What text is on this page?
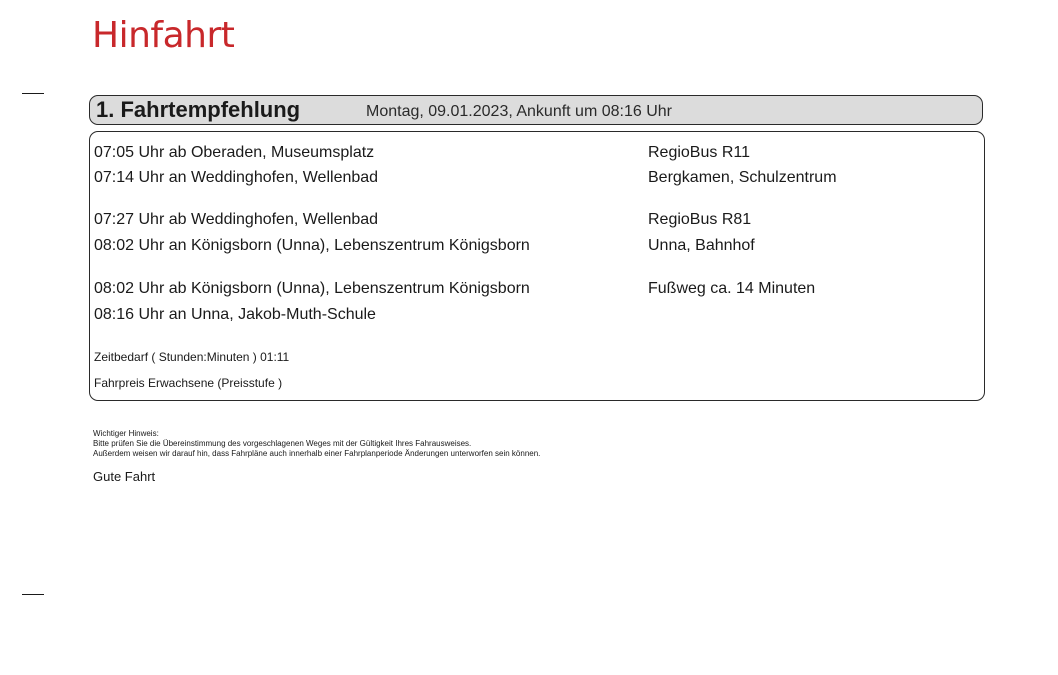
Hinfahrt
1. Fahrtempfehlung	Montag, 09.01.2023, Ankunft um 08:16 Uhr
07:05 Uhr ab Oberaden, Museumsplatz	RegioBus R11
07:14 Uhr an Weddinghofen, Wellenbad	Bergkamen, Schulzentrum
07:27 Uhr ab Weddinghofen, Wellenbad	RegioBus R81
08:02 Uhr an Königsborn (Unna), Lebenszentrum Königsborn	Unna, Bahnhof
08:02 Uhr ab Königsborn (Unna), Lebenszentrum Königsborn	Fußweg ca. 14 Minuten
08:16 Uhr an Unna, Jakob-Muth-Schule
Zeitbedarf ( Stunden:Minuten ) 01:11
Fahrpreis Erwachsene (Preisstufe )
Wichtiger Hinweis:
Bitte prüfen Sie die Übereinstimmung des vorgeschlagenen Weges mit der Gültigkeit Ihres Fahrausweises.
Außerdem weisen wir darauf hin, dass Fahrpläne auch innerhalb einer Fahrplanperiode Änderungen unterworfen sein können.
Gute Fahrt
